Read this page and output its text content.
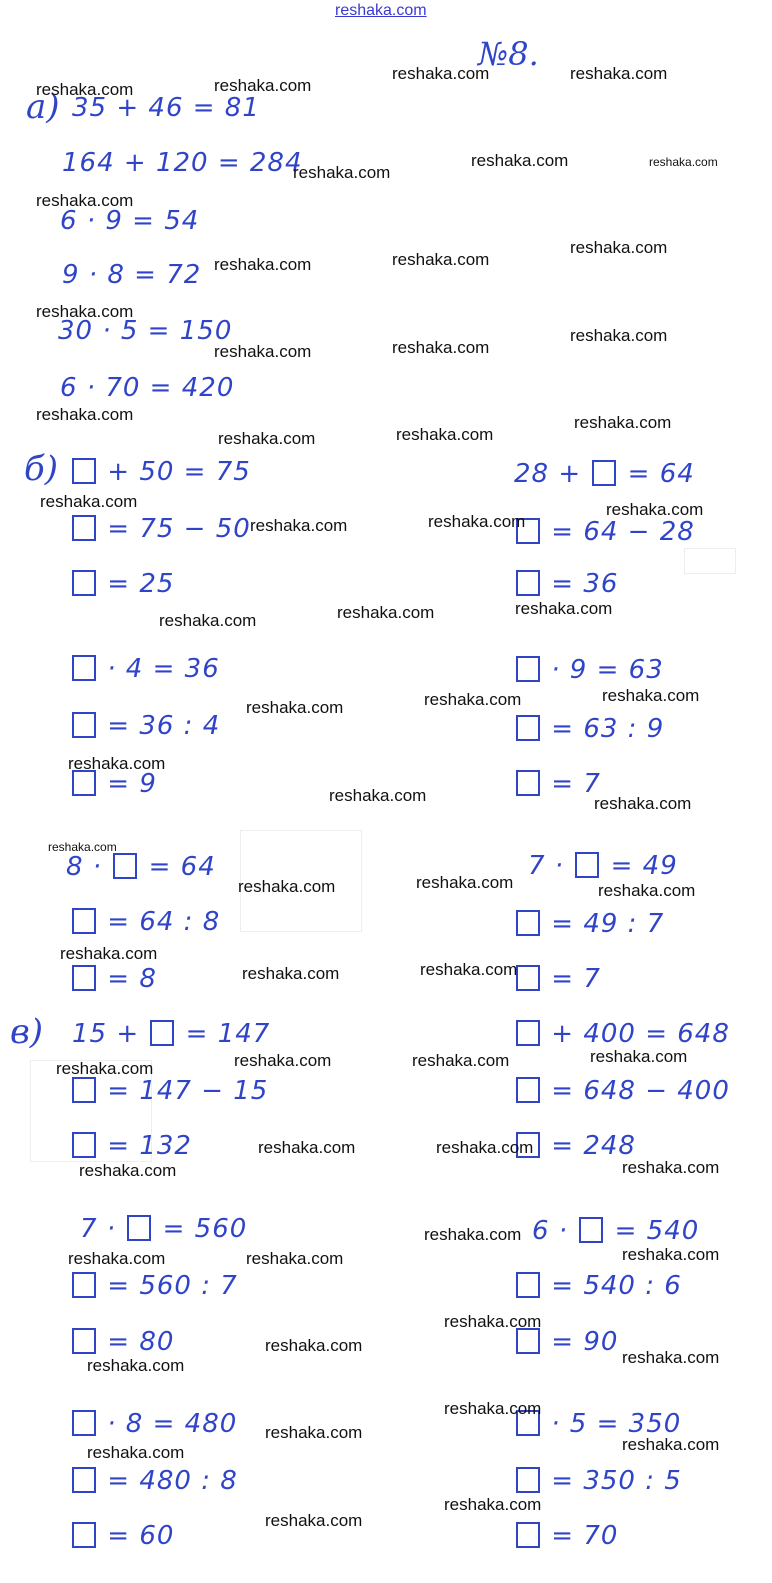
reshaka.com
№8.
а) 35 + 46 = 81
164 + 120 = 284
6 · 9 = 54
9 · 8 = 72
30 · 5 = 150
6 · 70 = 420
б)	+ 50 = 75
= 75 − 50
= 25
· 4 = 36
= 36 : 4
= 9
8 ·  = 64
= 64 : 8
= 8
28 +  = 64
= 64 − 28
= 36
· 9 = 63
= 63 : 9
= 7
7 ·  = 49
= 49 : 7
= 7
в) 15 +  = 147
= 147 − 15
= 132
7 ·  = 560
= 560 : 7
= 80
· 8 = 480
= 480 : 8
= 60
+ 400 = 648
= 648 − 400
= 248
6 ·  = 540
= 540 : 6
= 90
· 5 = 350
= 350 : 5
= 70
reshaka.com	reshaka.com
reshaka.com	reshaka.com
reshaka.com
reshaka.com	reshaka.com
reshaka.com
reshaka.com
reshaka.com	reshaka.com
reshaka.com
reshaka.com
reshaka.com	reshaka.com
reshaka.com	reshaka.com
reshaka.com	reshaka.com
reshaka.com	reshaka.com
reshaka.com	reshaka.com
reshaka.com
reshaka.com
reshaka.com
reshaka.com
reshaka.com	reshaka.com
reshaka.com
reshaka.com	reshaka.com
reshaka.com
reshaka.com
reshaka.com	reshaka.com
reshaka.com
reshaka.com	reshaka.com
reshaka.com
reshaka.com	reshaka.com	reshaka.com
reshaka.com	reshaka.com
reshaka.com
reshaka.com
reshaka.com
reshaka.com
reshaka.com	reshaka.com
reshaka.com
reshaka.com
reshaka.com
reshaka.com
reshaka.com
reshaka.com
reshaka.com
reshaka.com
reshaka.com
reshaka.com
